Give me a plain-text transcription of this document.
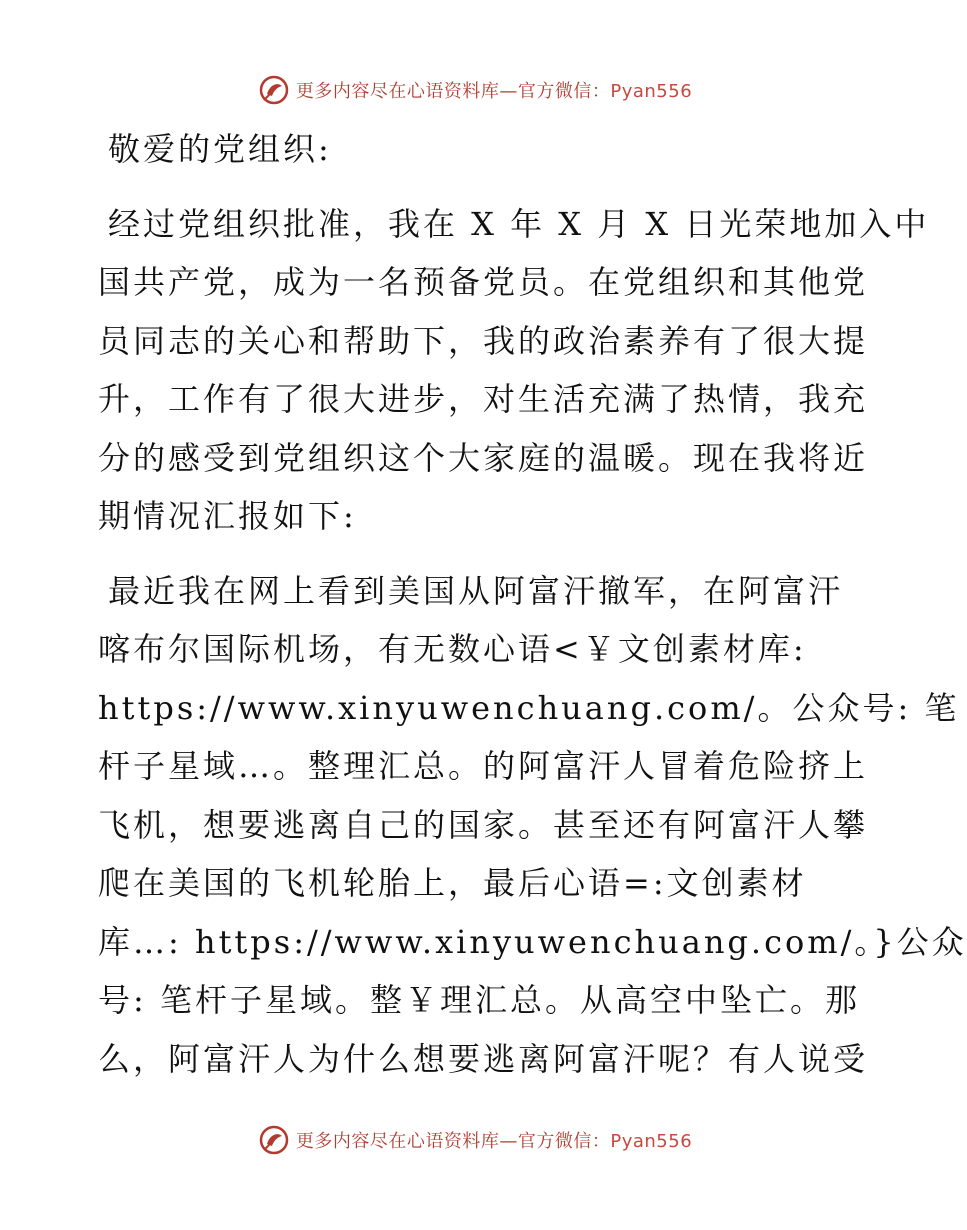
更多内容尽在心语资料库—官方微信：Pyan556
敬爱的党组织:
经过党组织批准，我在 X 年 X 月 X 日光荣地加入中
国共产党，成为一名预备党员。在党组织和其他党
员同志的关心和帮助下，我的政治素养有了很大提
升，工作有了很大进步，对生活充满了热情，我充
分的感受到党组织这个大家庭的温暖。现在我将近
期情况汇报如下:
最近我在网上看到美国从阿富汗撤军，在阿富汗
喀布尔国际机场，有无数心语<￥文创素材库:
https://www.xinyuwenchuang.com/。公众号: 笔
杆子星域…。整理汇总。的阿富汗人冒着危险挤上
飞机，想要逃离自己的国家。甚至还有阿富汗人攀
爬在美国的飞机轮胎上，最后心语=:文创素材
库…: https://www.xinyuwenchuang.com/。}公众
号: 笔杆子星域。整￥理汇总。从高空中坠亡。那
么，阿富汗人为什么想要逃离阿富汗呢？有人说受
更多内容尽在心语资料库—官方微信：Pyan556
